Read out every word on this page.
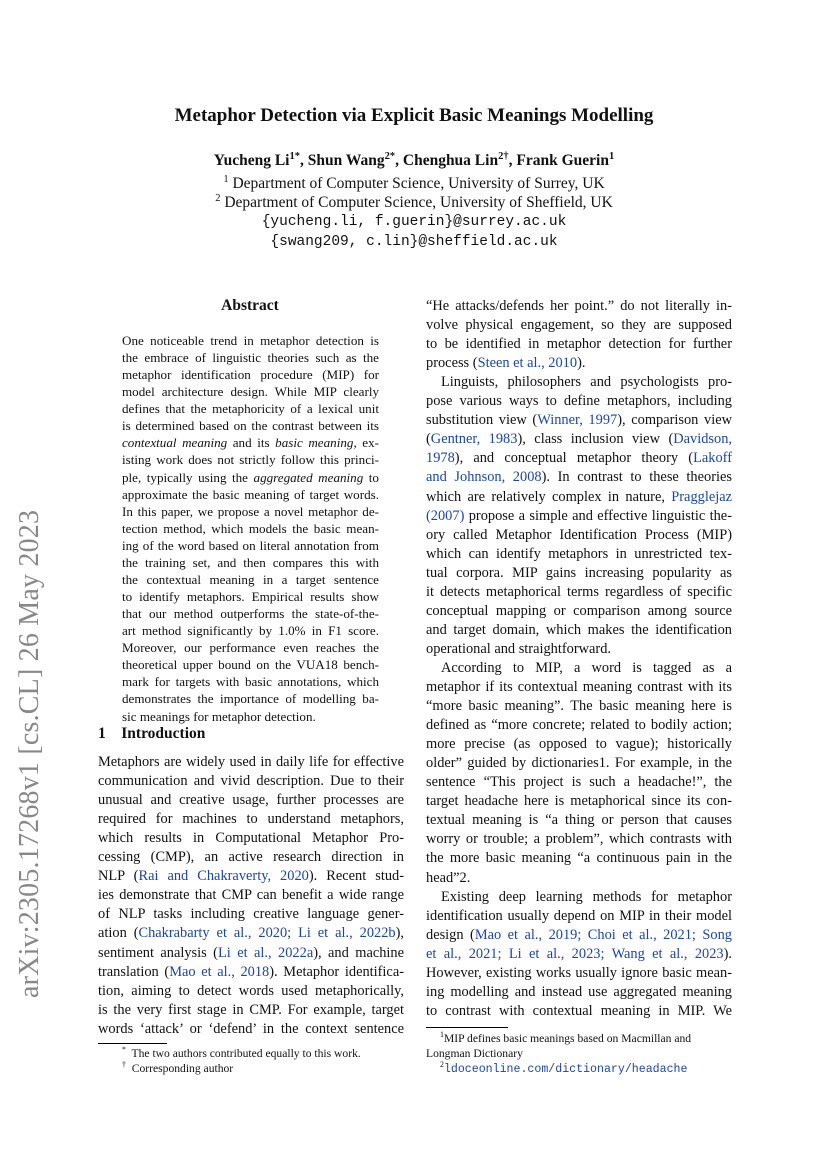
arXiv:2305.17268v1 [cs.CL] 26 May 2023
Metaphor Detection via Explicit Basic Meanings Modelling
Yucheng $Li^{1*}$, Shun Wang$^{2*}$, Chenghua Lin$^{2\dagger}$, Frank Guerin$^1$
$^1$ Department of Computer Science, University of Surrey, UK
$^2$ Department of Computer Science, University of Sheffield, UK
{yucheng.li, f.guerin}@surrey.ac.uk
{swang209, c.lin}@sheffield.ac.uk
Abstract
One noticeable trend in metaphor detection is
the embrace of linguistic theories such as the
metaphor identification procedure (MIP) for
model architecture design. While MIP clearly
defines that the metaphoricity of a lexical unit
is determined based on the contrast between its
contextual meaning and its basic meaning, ex-
isting work does not strictly follow this princi-
ple, typically using the aggregated meaning to
approximate the basic meaning of target words.
In this paper, we propose a novel metaphor de-
tection method, which models the basic mean-
ing of the word based on literal annotation from
the training set, and then compares this with
the contextual meaning in a target sentence
to identify metaphors. Empirical results show
that our method outperforms the state-of-the-
art method significantly by 1.0% in F1 score.
Moreover, our performance even reaches the
theoretical upper bound on the VUA18 bench-
mark for targets with basic annotations, which
demonstrates the importance of modelling ba-
sic meanings for metaphor detection.
1 Introduction
Metaphors are widely used in daily life for effective
communication and vivid description. Due to their
unusual and creative usage, further processes are
required for machines to understand metaphors,
which results in Computational Metaphor Pro-
cessing (CMP), an active research direction in
NLP (Rai and Chakraverty, 2020). Recent stud-
ies demonstrate that CMP can benefit a wide range
of NLP tasks including creative language gener-
ation (Chakrabarty et al., 2020; Li et al., 2022b),
sentiment analysis (Li et al., 2022a), and machine
translation (Mao et al., 2018). Metaphor identifica-
tion, aiming to detect words used metaphorically,
is the very first stage in CMP. For example, target
words ‘attack’ or ‘defend’ in the context sentence
“He attacks/defends her point.” do not literally in-
volve physical engagement, so they are supposed
to be identified in metaphor detection for further
process (Steen et al., 2010).
Linguists, philosophers and psychologists pro-
pose various ways to define metaphors, including
substitution view (Winner, 1997), comparison view
(Gentner, 1983), class inclusion view (Davidson,
1978), and conceptual metaphor theory (Lakoff
and Johnson, 2008). In contrast to these theories
which are relatively complex in nature, Pragglejaz
(2007) propose a simple and effective linguistic the-
ory called Metaphor Identification Process (MIP)
which can identify metaphors in unrestricted tex-
tual corpora. MIP gains increasing popularity as
it detects metaphorical terms regardless of specific
conceptual mapping or comparison among source
and target domain, which makes the identification
operational and straightforward.
According to MIP, a word is tagged as a
metaphor if its contextual meaning contrast with its
“more basic meaning”. The basic meaning here is
defined as “more concrete; related to bodily action;
more precise (as opposed to vague); historically
older” guided by dictionaries1. For example, in the
sentence “This project is such a headache!”, the
target headache here is metaphorical since its con-
textual meaning is “a thing or person that causes
worry or trouble; a problem”, which contrasts with
the more basic meaning “a continuous pain in the
head”2.
Existing deep learning methods for metaphor
identification usually depend on MIP in their model
design (Mao et al., 2019; Choi et al., 2021; Song
et al., 2021; Li et al., 2023; Wang et al., 2023).
However, existing works usually ignore basic mean-
ing modelling and instead use aggregated meaning
to contrast with contextual meaning in MIP. We
* The two authors contributed equally to this work.
† Corresponding author
$^1$MIP defines basic meanings based on Macmillan and
Longman Dictionary
$^2$ldoceonline.com/dictionary/headache
